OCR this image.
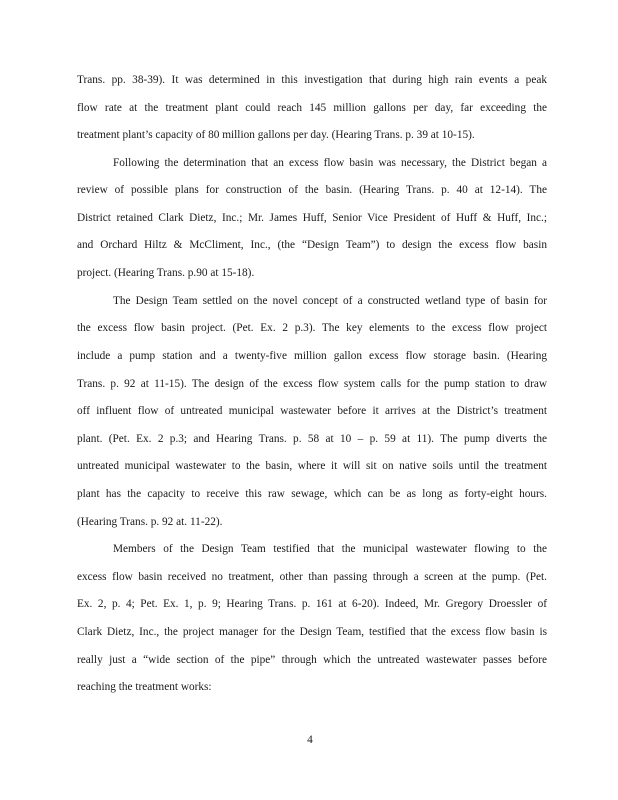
Trans. pp. 38-39). It was determined in this investigation that during high rain events a peak
flow rate at the treatment plant could reach 145 million gallons per day, far exceeding the
treatment plant’s capacity of 80 million gallons per day. (Hearing Trans. p. 39 at 10-15).
Following the determination that an excess flow basin was necessary, the District began a
review of possible plans for construction of the basin. (Hearing Trans. p. 40 at 12-14). The
District retained Clark Dietz, Inc.; Mr. James Huff, Senior Vice President of Huff & Huff, Inc.;
and Orchard Hiltz & McCliment, Inc., (the “Design Team”) to design the excess flow basin
project. (Hearing Trans. p.90 at 15-18).
The Design Team settled on the novel concept of a constructed wetland type of basin for
the excess flow basin project. (Pet. Ex. 2 p.3). The key elements to the excess flow project
include a pump station and a twenty-five million gallon excess flow storage basin. (Hearing
Trans. p. 92 at 11-15). The design of the excess flow system calls for the pump station to draw
off influent flow of untreated municipal wastewater before it arrives at the District’s treatment
plant. (Pet. Ex. 2 p.3; and Hearing Trans. p. 58 at 10 – p. 59 at 11). The pump diverts the
untreated municipal wastewater to the basin, where it will sit on native soils until the treatment
plant has the capacity to receive this raw sewage, which can be as long as forty-eight hours.
(Hearing Trans. p. 92 at. 11-22).
Members of the Design Team testified that the municipal wastewater flowing to the
excess flow basin received no treatment, other than passing through a screen at the pump. (Pet.
Ex. 2, p. 4; Pet. Ex. 1, p. 9; Hearing Trans. p. 161 at 6-20). Indeed, Mr. Gregory Droessler of
Clark Dietz, Inc., the project manager for the Design Team, testified that the excess flow basin is
really just a “wide section of the pipe” through which the untreated wastewater passes before
reaching the treatment works:
4
